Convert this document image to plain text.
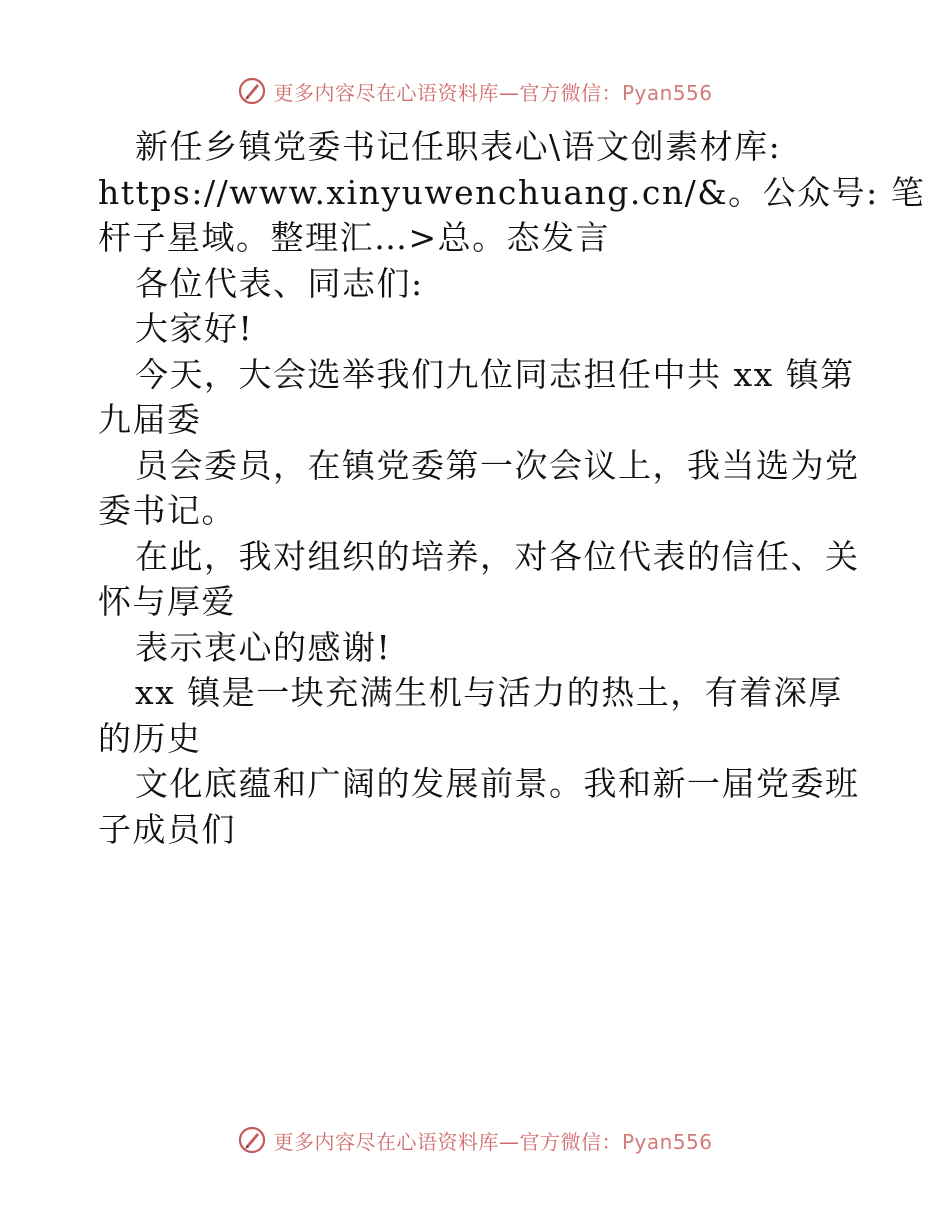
更多内容尽在心语资料库—官方微信：Pyan556
新任乡镇党委书记任职表心\语文创素材库:
https://www.xinyuwenchuang.cn/&。公众号: 笔
杆子星域。整理汇…>总。态发言
各位代表、同志们:
大家好!
今天，大会选举我们九位同志担任中共 xx 镇第
九届委
员会委员，在镇党委第一次会议上，我当选为党
委书记。
在此，我对组织的培养，对各位代表的信任、关
怀与厚爱
表示衷心的感谢!
xx 镇是一块充满生机与活力的热土，有着深厚
的历史
文化底蕴和广阔的发展前景。我和新一届党委班
子成员们
更多内容尽在心语资料库—官方微信：Pyan556
